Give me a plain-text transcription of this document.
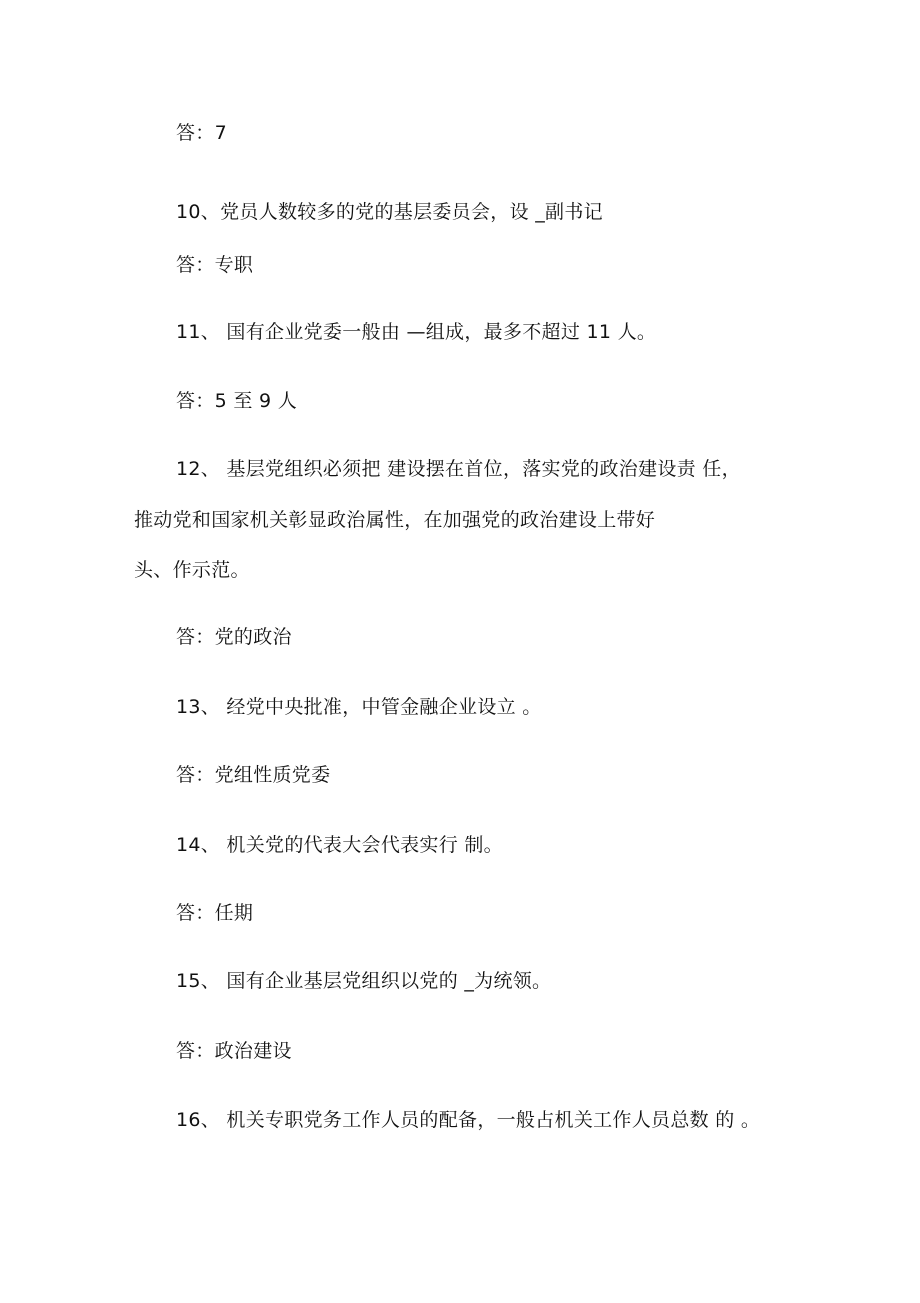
答：7
10、党员人数较多的党的基层委员会，设 _副书记
答：专职
11、 国有企业党委一般由 —组成，最多不超过 11 人。
答：5 至 9 人
12、 基层党组织必须把 建设摆在首位，落实党的政治建设责 任，
推动党和国家机关彰显政治属性，在加强党的政治建设上带好
头、作示范。
答：党的政治
13、 经党中央批准，中管金融企业设立 。
答：党组性质党委
14、 机关党的代表大会代表实行 制。
答：任期
15、 国有企业基层党组织以党的 _为统领。
答：政治建设
16、 机关专职党务工作人员的配备，一般占机关工作人员总数 的 。
